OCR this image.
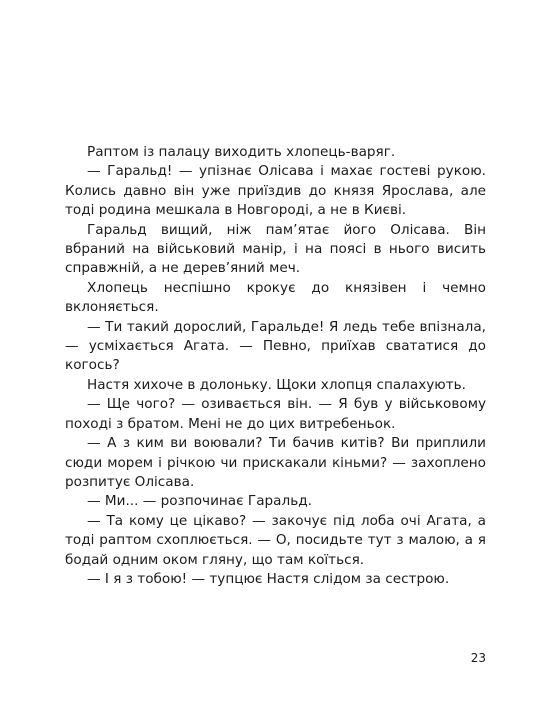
Раптом із палацу виходить хлопець-варяг.

— Гаральд! — упізнає Олісава і махає гостеві рукою. Колись давно він уже приїздив до князя Ярослава, але тоді родина мешкала в Новгороді, а не в Києві.

Гаральд вищий, ніж пам’ятає його Олісава. Він вбраний на військовий манір, і на поясі в нього висить справжній, а не дерев’яний меч.

Хлопець неспішно крокує до князівен і чемно вклоняється.

— Ти такий дорослий, Гаральде! Я ледь тебе впізнала, — усміхається Агата. — Певно, приїхав свататися до когось?

Настя хихоче в долоньку. Щоки хлопця спалахують.

— Ще чого? — озивається він. — Я був у військовому поході з братом. Мені не до цих витребеньок.

— А з ким ви воювали? Ти бачив китів? Ви приплили сюди морем і річкою чи прискакали кіньми? — захоплено розпитує Олісава.

— Ми... — розпочинає Гаральд.

— Та кому це цікаво? — закочує під лоба очі Агата, а тоді раптом схоплюється. — О, посидьте тут з малою, а я бодай одним оком гляну, що там коїться.

— І я з тобою! — тупцює Настя слідом за сестрою.

23
